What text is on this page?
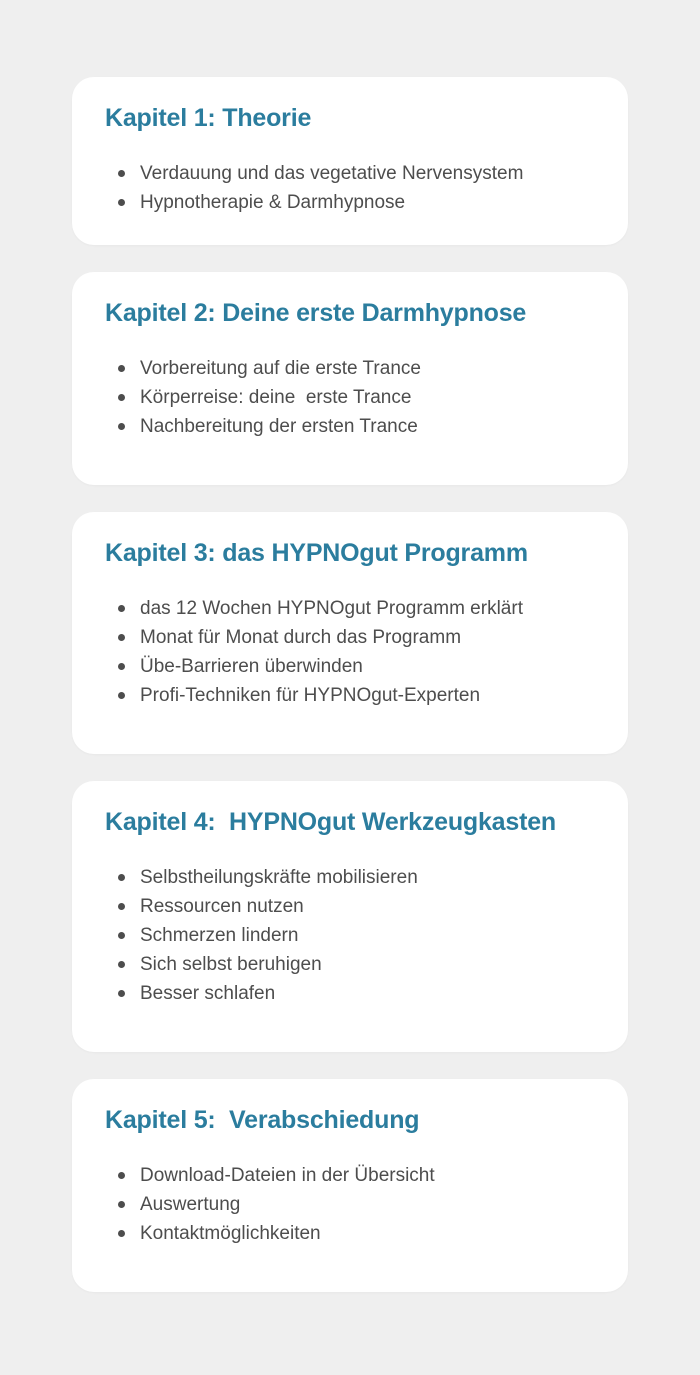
Kapitel 1: Theorie
Verdauung und das vegetative Nervensystem
Hypnotherapie & Darmhypnose
Kapitel 2: Deine erste Darmhypnose
Vorbereitung auf die erste Trance
Körperreise: deine  erste Trance
Nachbereitung der ersten Trance
Kapitel 3: das HYPNOgut Programm
das 12 Wochen HYPNOgut Programm erklärt
Monat für Monat durch das Programm
Übe-Barrieren überwinden
Profi-Techniken für HYPNOgut-Experten
Kapitel 4:  HYPNOgut Werkzeugkasten
Selbstheilungskräfte mobilisieren
Ressourcen nutzen
Schmerzen lindern
Sich selbst beruhigen
Besser schlafen
Kapitel 5:  Verabschiedung
Download-Dateien in der Übersicht
Auswertung
Kontaktmöglichkeiten
